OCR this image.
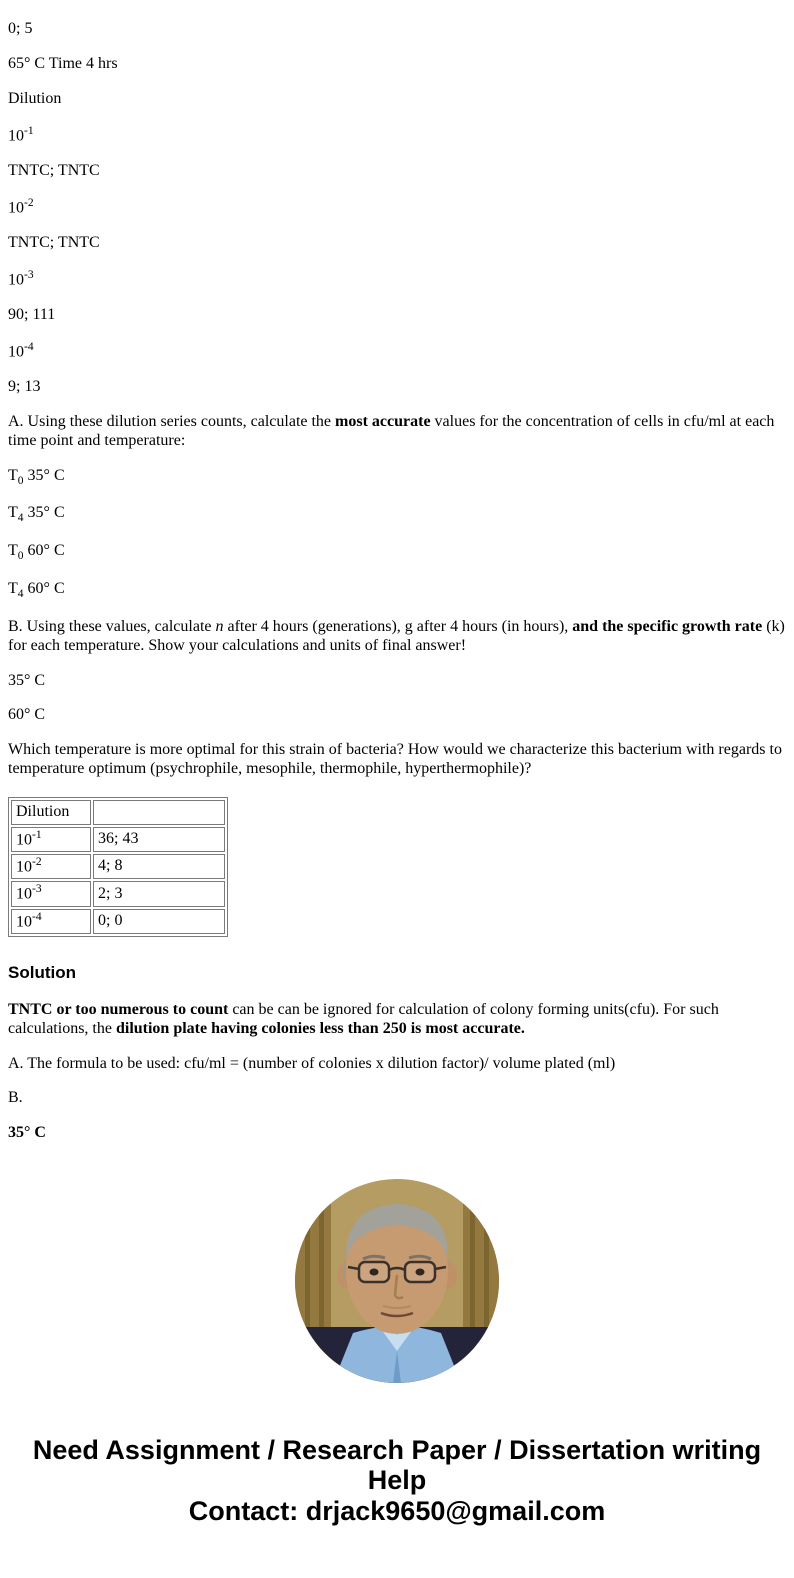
0; 5

65° C Time 4 hrs

Dilution

$10^{-1}$

TNTC; TNTC

$10^{-2}$

TNTC; TNTC

$10^{-3}$

90; 111

$10^{-4}$

9; 13

A. Using these dilution series counts, calculate the most accurate values for the concentration of cells in cfu/ml at each time point and temperature:

$T_0$ 35° C

$T_4$ 35° C

$T_0$ 60° C

$T_4$ 60° C

B. Using these values, calculate n after 4 hours (generations), g after 4 hours (in hours), and the specific growth rate (k) for each temperature. Show your calculations and units of final answer!

35° C

60° C

Which temperature is more optimal for this strain of bacteria? How would we characterize this bacterium with regards to temperature optimum (psychrophile, mesophile, thermophile, hyperthermophile)?

Dilution	
$10^{-1}$	36; 43
$10^{-2}$	4; 8
$10^{-3}$	2; 3
$10^{-4}$	0; 0
Solution

TNTC or too numerous to count can be can be ignored for calculation of colony forming units(cfu). For such calculations, the dilution plate having colonies less than 250 is most accurate.

A. The formula to be used: cfu/ml = (number of colonies x dilution factor)/ volume plated (ml)

B.

35° C

Need Assignment / Research Paper / Dissertation writing Help
Contact: drjack9650@gmail.com
